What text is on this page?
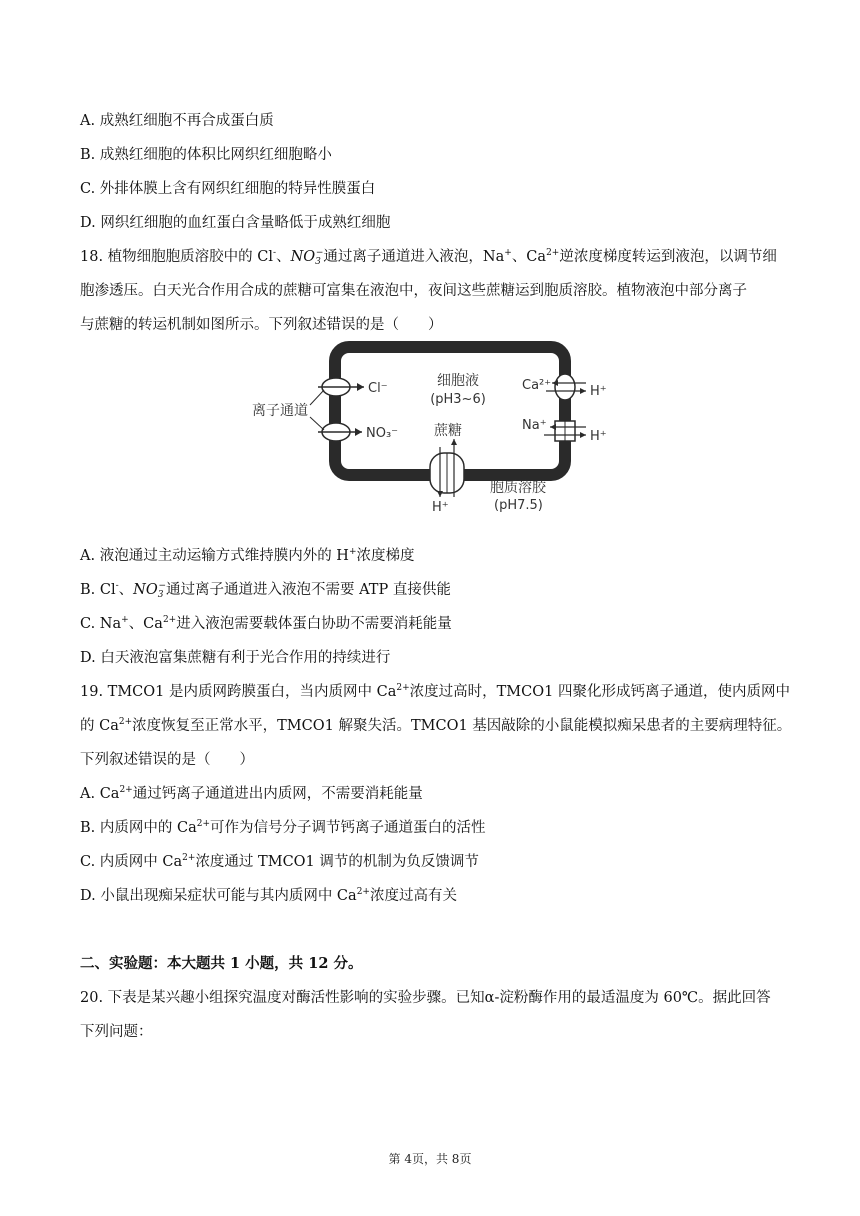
A. 成熟红细胞不再合成蛋白质
B. 成熟红细胞的体积比网织红细胞略小
C. 外排体膜上含有网织红细胞的特异性膜蛋白
D. 网织红细胞的血红蛋白含量略低于成熟红细胞
18. 植物细胞胞质溶胶中的 Cl-、$NO_3^-$通过离子通道进入液泡，Na+、$Ca^{2+}$逆浓度梯度转运到液泡，以调节细
胞渗透压。白天光合作用合成的蔗糖可富集在液泡中，夜间这些蔗糖运到胞质溶胶。植物液泡中部分离子
与蔗糖的转运机制如图所示。下列叙述错误的是（　　）
细胞液
(pH3~6)
Cl⁻
NO₃⁻
离子通道
Ca²⁺	H⁺
Na⁺
H⁺
蔗糖
H⁺
胞质溶胶
(pH7.5)
A. 液泡通过主动运输方式维持膜内外的 H+浓度梯度
B. Cl-、$NO_3^-$通过离子通道进入液泡不需要 ATP 直接供能
C. Na+、$Ca^{2+}$进入液泡需要载体蛋白协助不需要消耗能量
D. 白天液泡富集蔗糖有利于光合作用的持续进行
19. TMCO1 是内质网跨膜蛋白，当内质网中 $Ca^{2+}$浓度过高时，TMCO1 四聚化形成钙离子通道，使内质网中
的 $Ca^{2+}$浓度恢复至正常水平，TMCO1 解聚失活。TMCO1 基因敲除的小鼠能模拟痴呆患者的主要病理特征。
下列叙述错误的是（　　）
A. $Ca^{2+}$通过钙离子通道进出内质网，不需要消耗能量
B. 内质网中的 $Ca^{2+}$可作为信号分子调节钙离子通道蛋白的活性
C. 内质网中 $Ca^{2+}$浓度通过 TMCO1 调节的机制为负反馈调节
D. 小鼠出现痴呆症状可能与其内质网中 $Ca^{2+}$浓度过高有关
二、实验题：本大题共 1 小题，共 12 分。
20. 下表是某兴趣小组探究温度对酶活性影响的实验步骤。已知α-淀粉酶作用的最适温度为 60℃。据此回答
下列问题：
第 4页，共 8页
